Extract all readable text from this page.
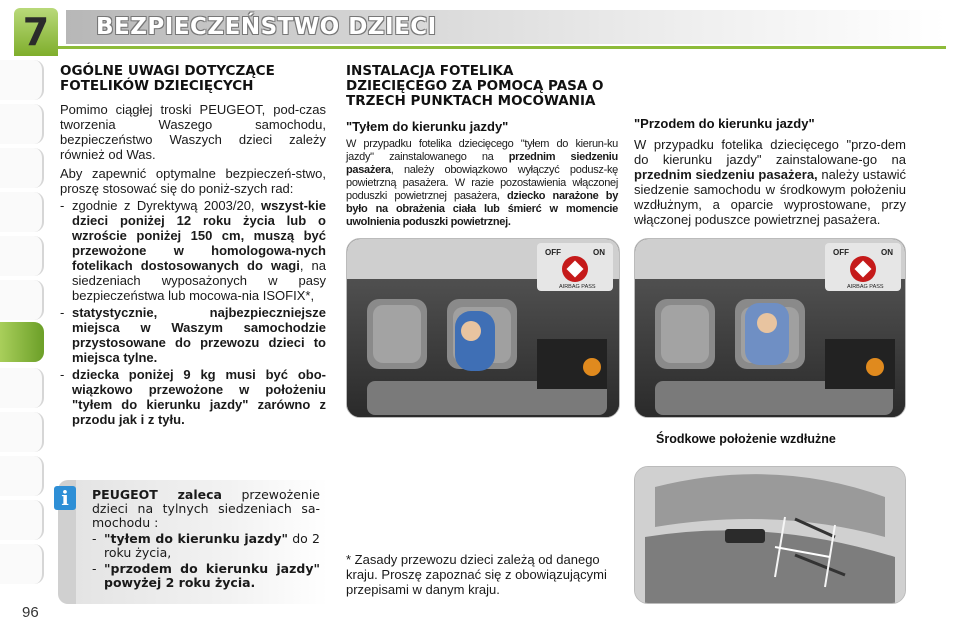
7	BEZPIECZEŃSTWO DZIECI
OGÓLNE UWAGI DOTYCZĄCE FOTELIKÓW DZIECIĘCYCH

Pomimo ciągłej troski PEUGEOT, pod-czas tworzenia Waszego samochodu, bezpieczeństwo Waszych dzieci zależy również od Was.

Aby zapewnić optymalne bezpieczeń-stwo, proszę stosować się do poniż-szych rad:

- zgodnie z Dyrektywą 2003/20, wszyst-kie dzieci poniżej 12 roku życia lub o wzroście poniżej 150 cm, muszą być przewożone w homologowa-nych fotelikach dostosowanych do wagi, na siedzeniach wyposażonych w pasy bezpieczeństwa lub mocowa-nia ISOFIX*,
- statystycznie, najbezpieczniejsze miejsca w Waszym samochodzie przystosowane do przewozu dzieci to miejsca tylne.
- dziecka poniżej 9 kg musi być obo-wiązkowo przewożone w położeniu "tyłem do kierunku jazdy" zarówno z przodu jak i z tyłu.

PEUGEOT zaleca przewożenie dzieci na tylnych siedzeniach sa-mochodu :

- "tyłem do kierunku jazdy" do 2 roku życia,
- "przodem do kierunku jazdy" powyżej 2 roku życia.
i
INSTALACJA FOTELIKA DZIECIĘCEGO ZA POMOCĄ PASA O TRZECH PUNKTACH MOCOWANIA
"Tyłem do kierunku jazdy"

W przypadku fotelika dziecięcego "tyłem do kierun-ku jazdy" zainstalowanego na przednim siedzeniu pasażera, należy obowiązkowo wyłączyć podusz-kę powietrzną pasażera. W razie pozostawienia włączonej poduszki powietrznej pasażera, dziecko narażone by było na obrażenia ciała lub śmierć w momencie uwolnienia poduszki powietrznej.

"Przodem do kierunku jazdy"

W przypadku fotelika dziecięcego "przo-dem do kierunku jazdy" zainstalowane-go na przednim siedzeniu pasażera, należy ustawić siedzenie samochodu w środkowym położeniu wzdłużnym, a oparcie wyprostowane, przy włączonej poduszce powietrznej pasażera.

OFF	ON
AIRBAG PASS
OFF	ON
AIRBAG PASS
Środkowe położenie wzdłużne
* Zasady przewozu dzieci zależą od danego kraju. Proszę zapoznać się z obowiązującymi przepisami w danym kraju.
96
